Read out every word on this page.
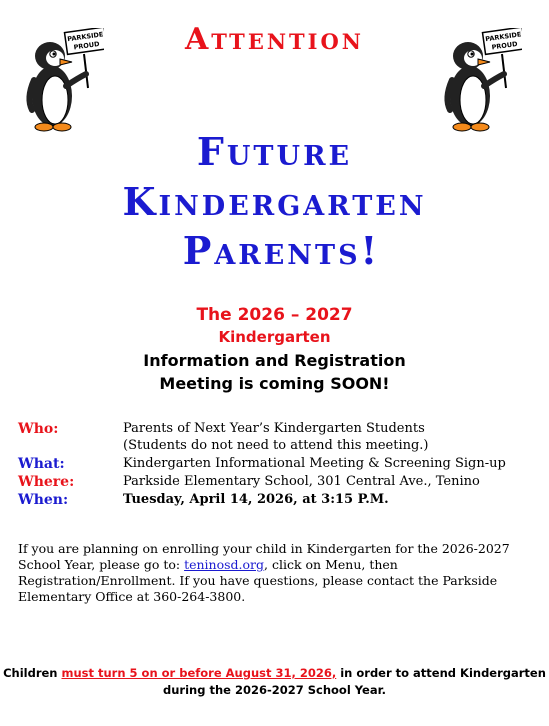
PARKSIDE
PROUD
PARKSIDE
PROUD
Attention
Future
Kindergarten
Parents!
The 2026 – 2027
Kindergarten
Information and Registration
Meeting is coming SOON!
Who:	Parents of Next Year’s Kindergarten Students
(Students do not need to attend this meeting.)
What:	Kindergarten Informational Meeting & Screening Sign-up
Where:	Parkside Elementary School, 301 Central Ave., Tenino
When:	Tuesday, April 14, 2026, at 3:15 P.M.
If you are planning on enrolling your child in Kindergarten for the 2026-2027 School Year, please go to: teninosd.org, click on Menu, then Registration/Enrollment. If you have questions, please contact the Parkside Elementary Office at 360-264-3800.
Children must turn 5 on or before August 31, 2026, in order to attend Kindergarten during the 2026-2027 School Year.
